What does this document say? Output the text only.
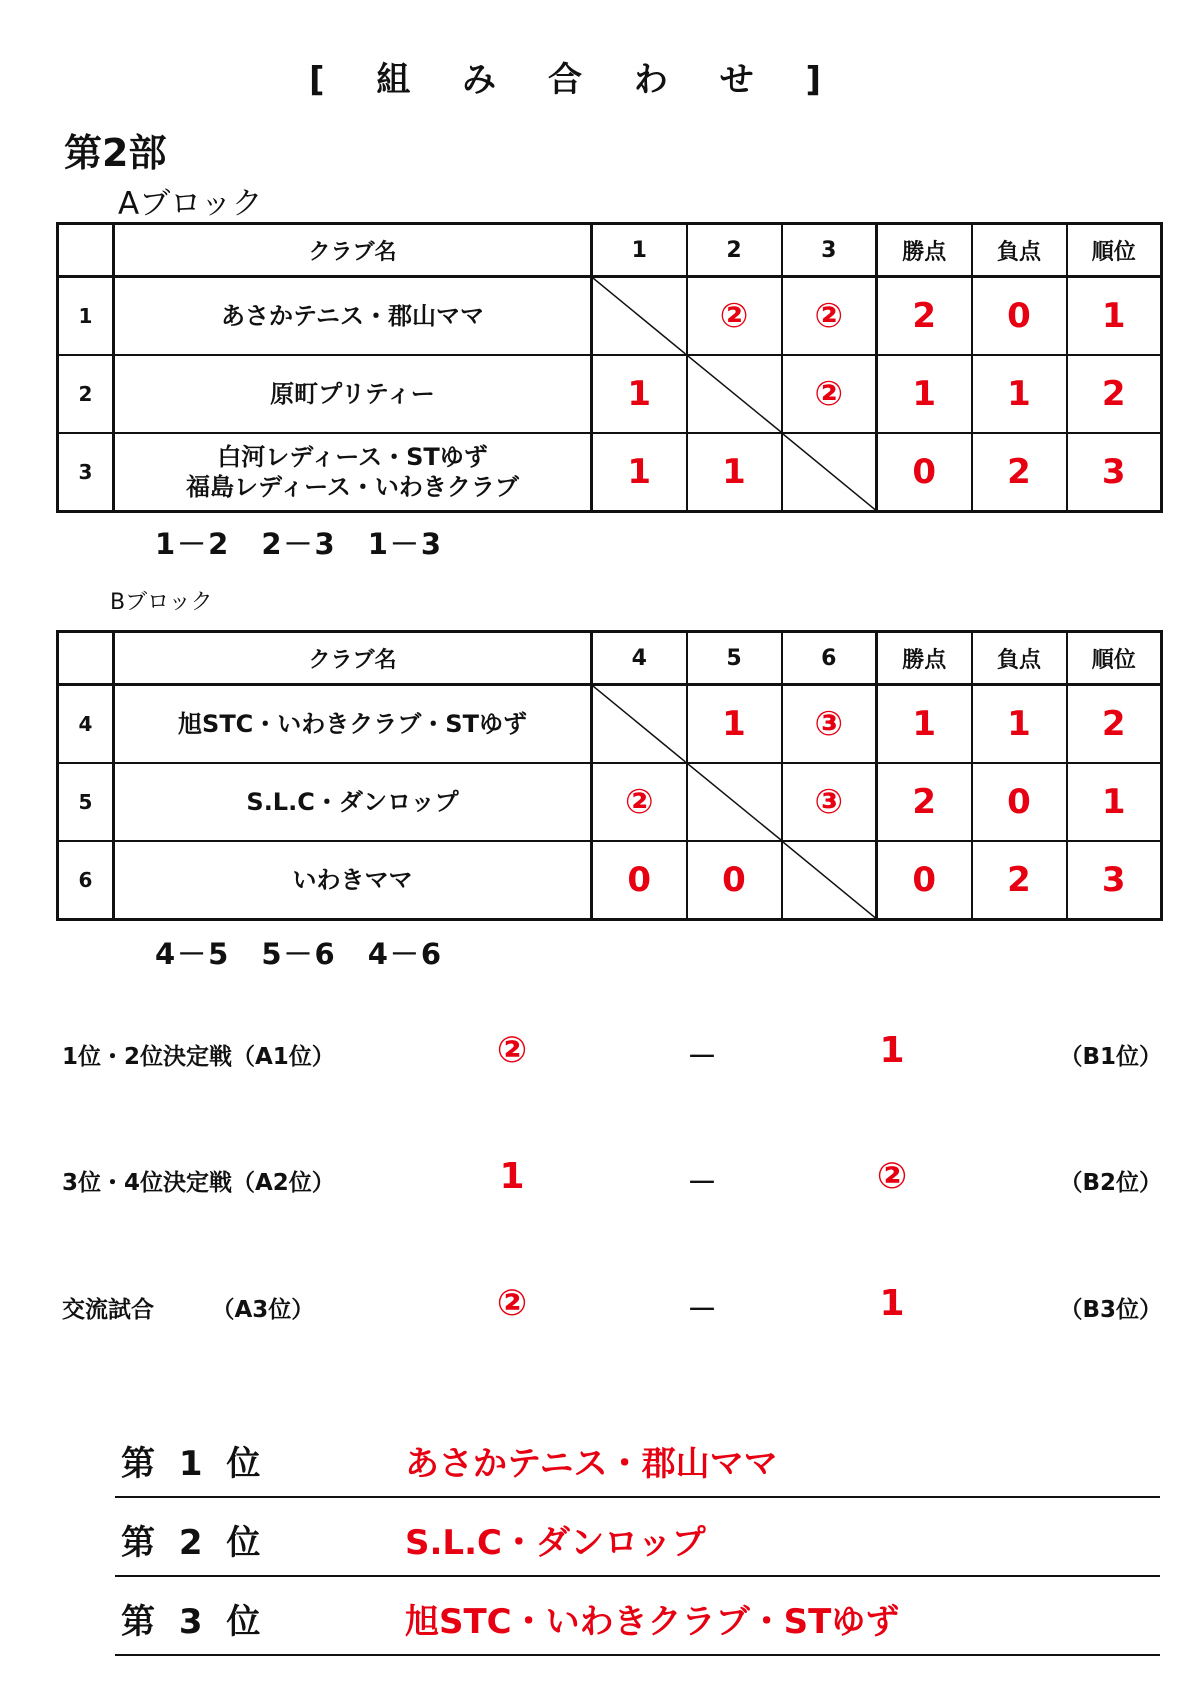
[ 組 み 合 わ せ ]
第2部
Aブロック
	クラブ名	1	2	3	勝点	負点	順位
1	あさかテニス・郡山ママ		②	②	2	0	1
2	原町プリティー	1		②	1	1	2
3	白河レディース・STゆず
福島レディース・いわきクラブ	1	1		0	2	3
1－2　2－3　1－3
Bブロック
	クラブ名	4	5	6	勝点	負点	順位
4	旭STC・いわきクラブ・STゆず		1	③	1	1	2
5	S.L.C・ダンロップ	②		③	2	0	1
6	いわきママ	0	0		0	2	3
4－5　5－6　4－6
1位・2位決定戦（A1位）	②	－	1	（B1位）
3位・4位決定戦（A2位）	1	－	②	（B2位）
交流試合　　　（A3位）	②	－	1	（B3位）
第 1 位	あさかテニス・郡山ママ
第 2 位	S.L.C・ダンロップ
第 3 位	旭STC・いわきクラブ・STゆず
